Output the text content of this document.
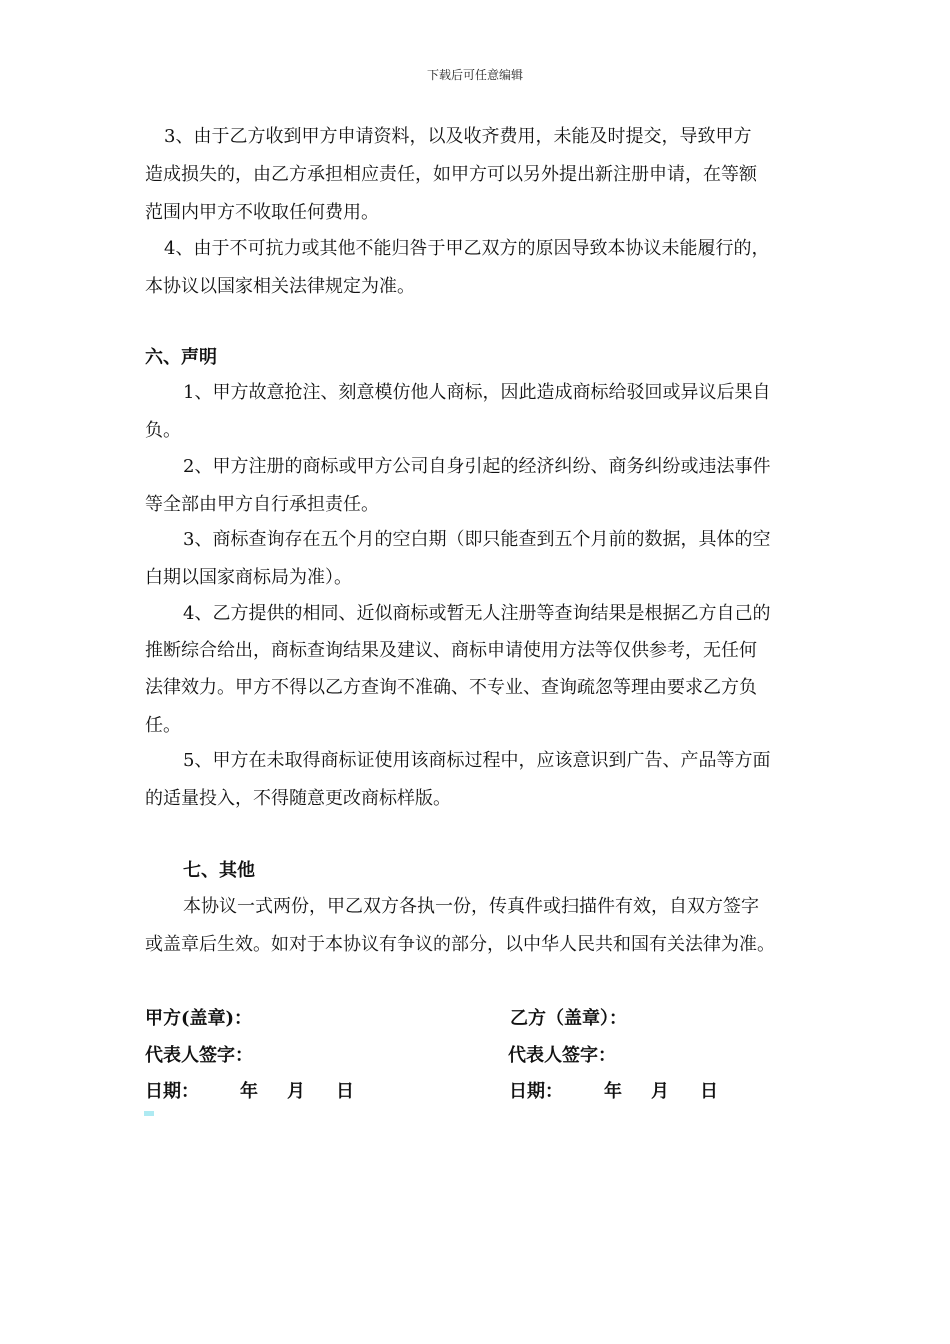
下载后可任意编辑
3、由于乙方收到甲方申请资料，以及收齐费用，未能及时提交，导致甲方
造成损失的，由乙方承担相应责任，如甲方可以另外提出新注册申请，在等额
范围内甲方不收取任何费用。
4、由于不可抗力或其他不能归咎于甲乙双方的原因导致本协议未能履行的，
本协议以国家相关法律规定为准。
六、声明
1、甲方故意抢注、刻意模仿他人商标，因此造成商标给驳回或异议后果自
负。
2、甲方注册的商标或甲方公司自身引起的经济纠纷、商务纠纷或违法事件
等全部由甲方自行承担责任。
3、商标查询存在五个月的空白期（即只能查到五个月前的数据，具体的空
白期以国家商标局为准）。
4、乙方提供的相同、近似商标或暂无人注册等查询结果是根据乙方自己的
推断综合给出，商标查询结果及建议、商标申请使用方法等仅供参考，无任何
法律效力。甲方不得以乙方查询不准确、不专业、查询疏忽等理由要求乙方负
任。
5、甲方在未取得商标证使用该商标过程中，应该意识到广告、产品等方面
的适量投入，不得随意更改商标样版。
七、其他
本协议一式两份，甲乙双方各执一份，传真件或扫描件有效，自双方签字
或盖章后生效。如对于本协议有争议的部分，以中华人民共和国有关法律为准。
甲方(盖章)：	乙方（盖章）：
代表人签字：	代表人签字：
日期： 年 月 日	日期： 年 月 日
